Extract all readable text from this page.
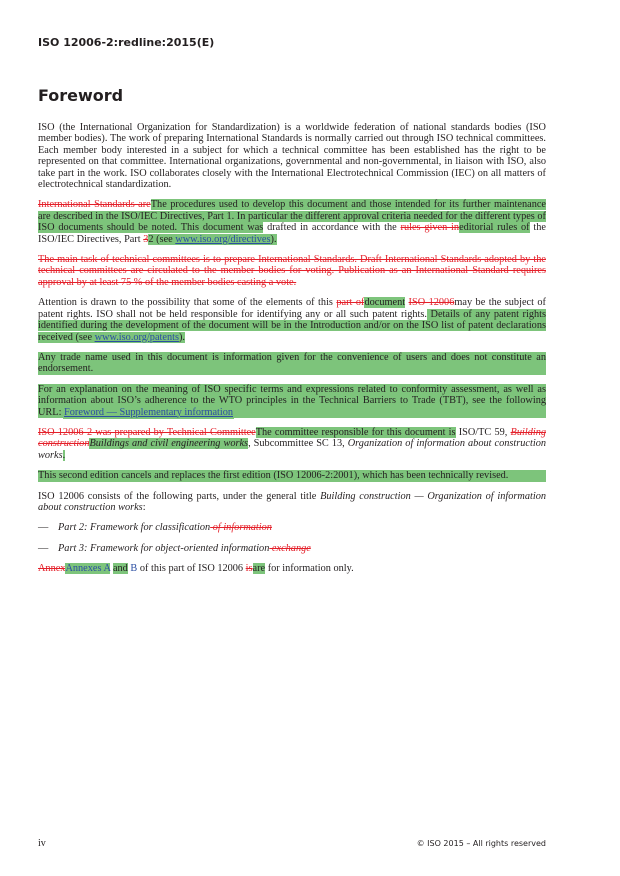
ISO 12006-2:redline:2015(E)
Foreword

ISO (the International Organization for Standardization) is a worldwide federation of national standards bodies (ISO member bodies). The work of preparing International Standards is normally carried out through ISO technical committees. Each member body interested in a subject for which a technical committee has been established has the right to be represented on that committee. International organizations, governmental and non-governmental, in liaison with ISO, also take part in the work. ISO collaborates closely with the International Electrotechnical Commission (IEC) on all matters of electrotechnical standardization.

International Standards areThe procedures used to develop this document and those intended for its further maintenance are described in the ISO/IEC Directives, Part 1. In particular the different approval criteria needed for the different types of ISO documents should be noted. This document was drafted in accordance with the rules given ineditorial rules of the ISO/IEC Directives, Part 32 (see www.iso.org/directives).

The main task of technical committees is to prepare International Standards. Draft International Standards adopted by the technical committees are circulated to the member bodies for voting. Publication as an International Standard requires approval by at least 75 % of the member bodies casting a vote.

Attention is drawn to the possibility that some of the elements of this part ofdocument ISO 12006may be the subject of patent rights. ISO shall not be held responsible for identifying any or all such patent rights. Details of any patent rights identified during the development of the document will be in the Introduction and/or on the ISO list of patent declarations received (see www.iso.org/patents).

Any trade name used in this document is information given for the convenience of users and does not constitute an endorsement.

For an explanation on the meaning of ISO specific terms and expressions related to conformity assessment, as well as information about ISO’s adherence to the WTO principles in the Technical Barriers to Trade (TBT), see the following URL: Foreword — Supplementary information

ISO 12006-2 was prepared by Technical CommitteeThe committee responsible for this document is ISO/TC 59, Building constructionBuildings and civil engineering works, Subcommittee SC 13, Organization of information about construction works.

This second edition cancels and replaces the first edition (ISO 12006-2:2001), which has been technically revised.

ISO 12006 consists of the following parts, under the general title Building construction — Organization of information about construction works:

— Part 2: Framework for classification of information
— Part 3: Framework for object-oriented information exchange

AnnexAnnexes A and B of this part of ISO 12006 isare for information only.

iv	© ISO 2015 – All rights reserved
